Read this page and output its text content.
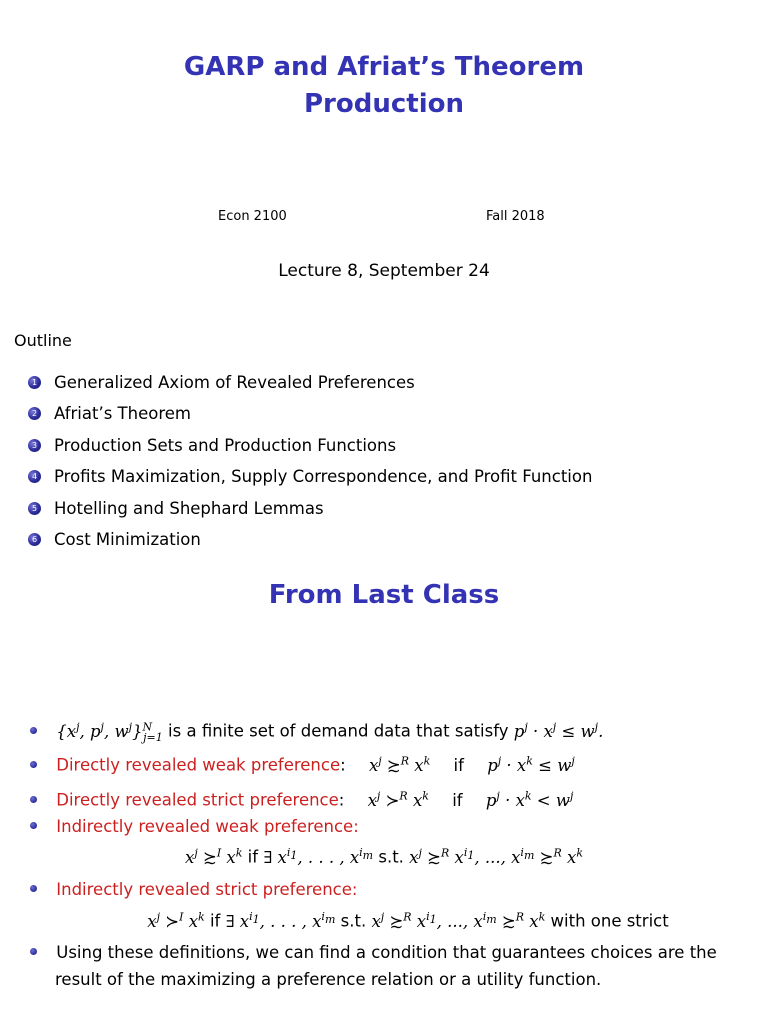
GARP and Afriat’s Theorem
Production
Econ 2100	Fall 2018
Lecture 8, September 24
Outline
1 Generalized Axiom of Revealed Preferences
2 Afriat’s Theorem
3 Production Sets and Production Functions
4 Profits Maximization, Supply Correspondence, and Profit Function
5 Hotelling and Shephard Lemmas
6 Cost Minimization
From Last Class
{$x^j$, $p^j$, $w^j\}^N_{j=1}$ is a finite set of demand data that satisfy $p^j \cdot x^j \le w^j$.
Directly revealed weak preference: $x^j$ ≿$^R$ $x^k$ if $p^j \cdot x^k \le w^j$
Directly revealed strict preference: $x^j$ ≻$^R$ $x^k$ if $p^j \cdot x^k < w^j$
Indirectly revealed weak preference:
$x^j$ ≿$^I$ $x^k$ if ∃ $x^{i_1}$, . . . , $x^{i_m}$ s.t. $x^j$ ≿$^R$ $x^{i_1}$, ..., $x^{i_m}$ ≿$^R$ $x^k$
Indirectly revealed strict preference:
$x^j$ ≻$^I$ $x^k$ if ∃ $x^{i_1}$, . . . , $x^{i_m}$ s.t. $x^j$ ≿$^R$ $x^{i_1}$, ..., $x^{i_m}$ ≿$^R$ $x^k$ with one strict
Using these definitions, we can find a condition that guarantees choices are the
result of the maximizing a preference relation or a utility function.
